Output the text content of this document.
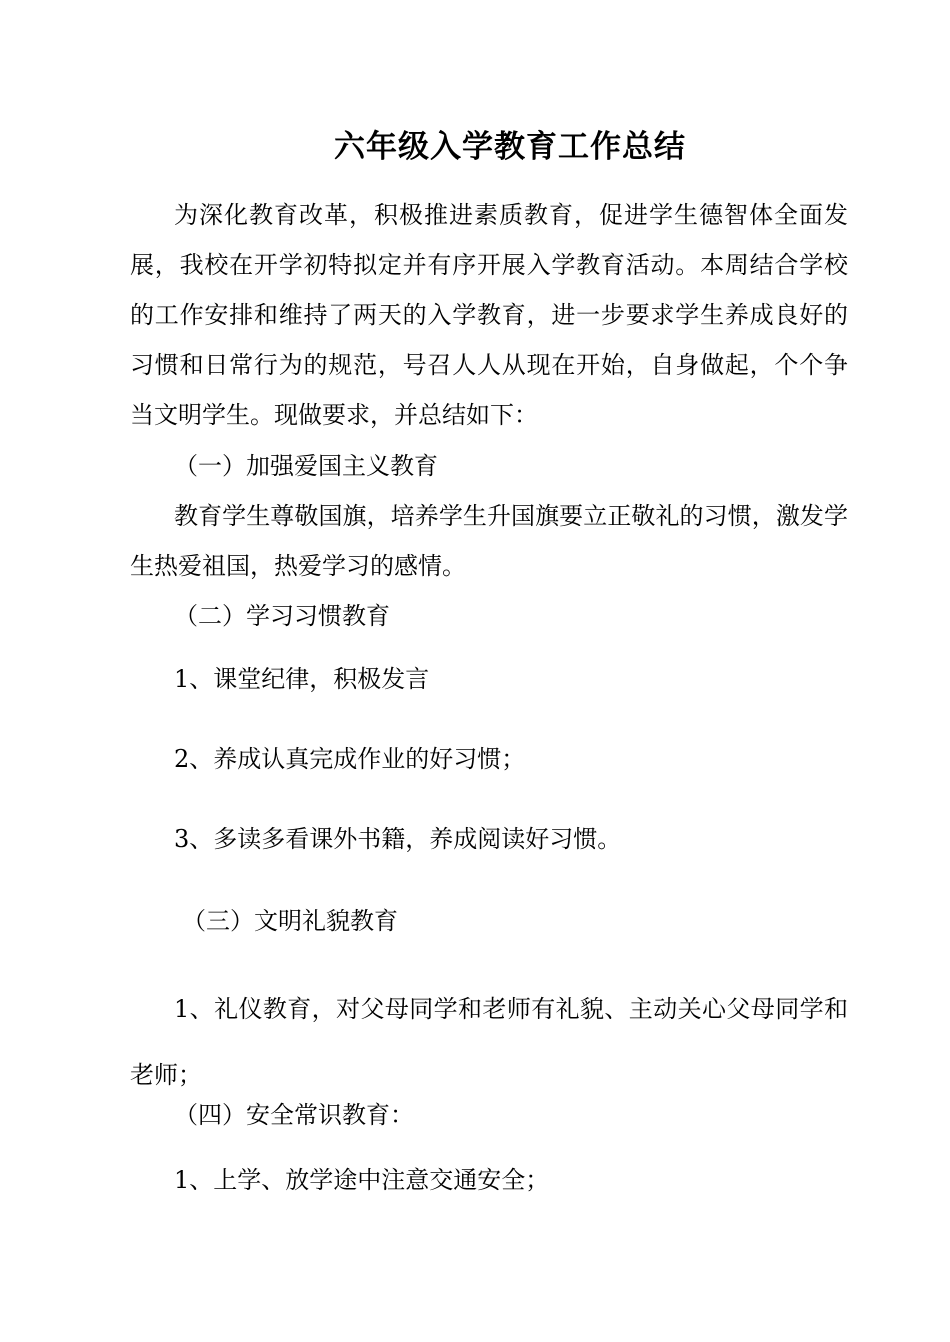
六年级入学教育工作总结
为深化教育改革，积极推进素质教育，促进学生德智体全面发展，我校在开学初特拟定并有序开展入学教育活动。本周结合学校的工作安排和维持了两天的入学教育，进一步要求学生养成良好的习惯和日常行为的规范，号召人人从现在开始，自身做起，个个争当文明学生。现做要求，并总结如下：
（一）加强爱国主义教育
教育学生尊敬国旗，培养学生升国旗要立正敬礼的习惯，激发学生热爱祖国，热爱学习的感情。
（二）学习习惯教育
1、课堂纪律，积极发言
2、养成认真完成作业的好习惯；
3、多读多看课外书籍，养成阅读好习惯。
（三）文明礼貌教育
1、礼仪教育，对父母同学和老师有礼貌、主动关心父母同学和老师；
（四）安全常识教育：
1、上学、放学途中注意交通安全；
